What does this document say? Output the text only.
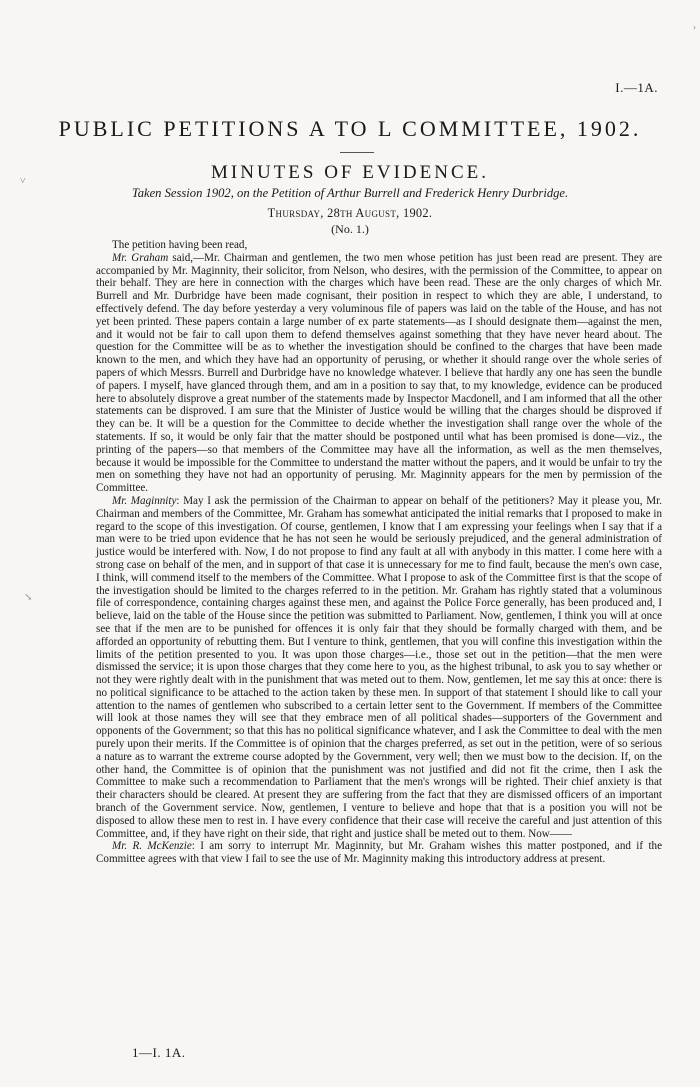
›
˅
↘
I.—1A.
PUBLIC PETITIONS A TO L COMMITTEE, 1902.
MINUTES OF EVIDENCE.
Taken Session 1902, on the Petition of Arthur Burrell and Frederick Henry Durbridge.
Thursday, 28th August, 1902.
(No. 1.)

The petition having been read,

Mr. Graham said,—Mr. Chairman and gentlemen, the two men whose petition has just been read are present. They are accompanied by Mr. Maginnity, their solicitor, from Nelson, who desires, with the permission of the Committee, to appear on their behalf. They are here in connection with the charges which have been read. These are the only charges of which Mr. Burrell and Mr. Durbridge have been made cognisant, their position in respect to which they are able, I understand, to effectively defend. The day before yesterday a very voluminous file of papers was laid on the table of the House, and has not yet been printed. These papers contain a large number of ex parte statements—as I should designate them—against the men, and it would not be fair to call upon them to defend themselves against something that they have never heard about. The question for the Committee will be as to whether the investigation should be confined to the charges that have been made known to the men, and which they have had an opportunity of perusing, or whether it should range over the whole series of papers of which Messrs. Burrell and Durbridge have no knowledge whatever. I believe that hardly any one has seen the bundle of papers. I myself, have glanced through them, and am in a position to say that, to my knowledge, evidence can be produced here to absolutely disprove a great number of the statements made by Inspector Macdonell, and I am informed that all the other statements can be disproved. I am sure that the Minister of Justice would be willing that the charges should be disproved if they can be. It will be a question for the Committee to decide whether the investigation shall range over the whole of the statements. If so, it would be only fair that the matter should be postponed until what has been promised is done—viz., the printing of the papers—so that members of the Committee may have all the information, as well as the men themselves, because it would be impossible for the Committee to understand the matter without the papers, and it would be unfair to try the men on something they have not had an opportunity of perusing. Mr. Maginnity appears for the men by permission of the Committee.

Mr. Maginnity: May I ask the permission of the Chairman to appear on behalf of the petitioners? May it please you, Mr. Chairman and members of the Committee, Mr. Graham has somewhat anticipated the initial remarks that I proposed to make in regard to the scope of this investigation. Of course, gentlemen, I know that I am expressing your feelings when I say that if a man were to be tried upon evidence that he has not seen he would be seriously prejudiced, and the general administration of justice would be interfered with. Now, I do not propose to find any fault at all with anybody in this matter. I come here with a strong case on behalf of the men, and in support of that case it is unnecessary for me to find fault, because the men's own case, I think, will commend itself to the members of the Committee. What I propose to ask of the Committee first is that the scope of the investigation should be limited to the charges referred to in the petition. Mr. Graham has rightly stated that a voluminous file of correspondence, containing charges against these men, and against the Police Force generally, has been produced and, I believe, laid on the table of the House since the petition was submitted to Parliament. Now, gentlemen, I think you will at once see that if the men are to be punished for offences it is only fair that they should be formally charged with them, and be afforded an opportunity of rebutting them. But I venture to think, gentlemen, that you will confine this investigation within the limits of the petition presented to you. It was upon those charges—i.e., those set out in the petition—that the men were dismissed the service; it is upon those charges that they come here to you, as the highest tribunal, to ask you to say whether or not they were rightly dealt with in the punishment that was meted out to them. Now, gentlemen, let me say this at once: there is no political significance to be attached to the action taken by these men. In support of that statement I should like to call your attention to the names of gentlemen who subscribed to a certain letter sent to the Government. If members of the Committee will look at those names they will see that they embrace men of all political shades—supporters of the Government and opponents of the Government; so that this has no political significance whatever, and I ask the Committee to deal with the men purely upon their merits. If the Committee is of opinion that the charges preferred, as set out in the petition, were of so serious a nature as to warrant the extreme course adopted by the Government, very well; then we must bow to the decision. If, on the other hand, the Committee is of opinion that the punishment was not justified and did not fit the crime, then I ask the Committee to make such a recommendation to Parliament that the men's wrongs will be righted. Their chief anxiety is that their characters should be cleared. At present they are suffering from the fact that they are dismissed officers of an important branch of the Government service. Now, gentlemen, I venture to believe and hope that that is a position you will not be disposed to allow these men to rest in. I have every confidence that their case will receive the careful and just attention of this Committee, and, if they have right on their side, that right and justice shall be meted out to them. Now——

Mr. R. McKenzie: I am sorry to interrupt Mr. Maginnity, but Mr. Graham wishes this matter postponed, and if the Committee agrees with that view I fail to see the use of Mr. Maginnity making this introductory address at present.

1—I. 1A.
